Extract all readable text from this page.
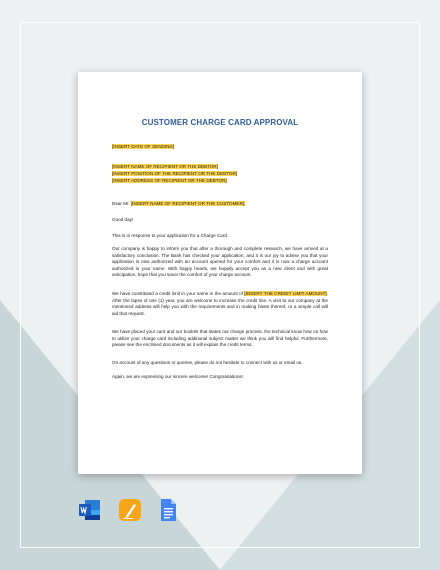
CUSTOMER CHARGE CARD APPROVAL
[INSERT DATE OF SENDING]
[INSERT NAME OF RECIPIENT OR THE DEBTOR]
[INSERT POSITION OF THE RECIPIENT OR THE DEBTOR]
[INSERT ADDRESS OF RECIPIENT OR THE DEBTOR]
Dear Mr. [INSERT NAME OF RECIPIENT OR THE CUSTOMER],
Good day!
This is in response to your application for a Charge Card.
Our company is happy to inform you that after a thorough and complete research, we have arrived at a satisfactory conclusion. The Bank has checked your application, and it is our joy to advise you that your application is now authorized with an account opened for your comfort and it is now a charge account authorized in your name. With happy hearts, we happily accept you as a new client and with great anticipation, hope that you savor the comfort of your charge account.
We have constituted a credit limit in your name in the amount of [INSERT THE CREDIT LIMIT AMOUNT]. After the lapse of one (1) year, you are welcome to increase the credit line. A visit to our company at the mentioned address will help you with the requirements and in making haste thereof, or a simple call will aid that request.
We have placed your card and our booklet that states our charge process, the technical know how on how to utilize your charge card including additional subject matter we think you will find helpful. Furthermore, please see the enclosed documents as it will explain the credit terms.
On account of any questions or queries, please do not hesitate to connect with us or email us.
Again, we are expressing our sincere welcome! Congratulations!
